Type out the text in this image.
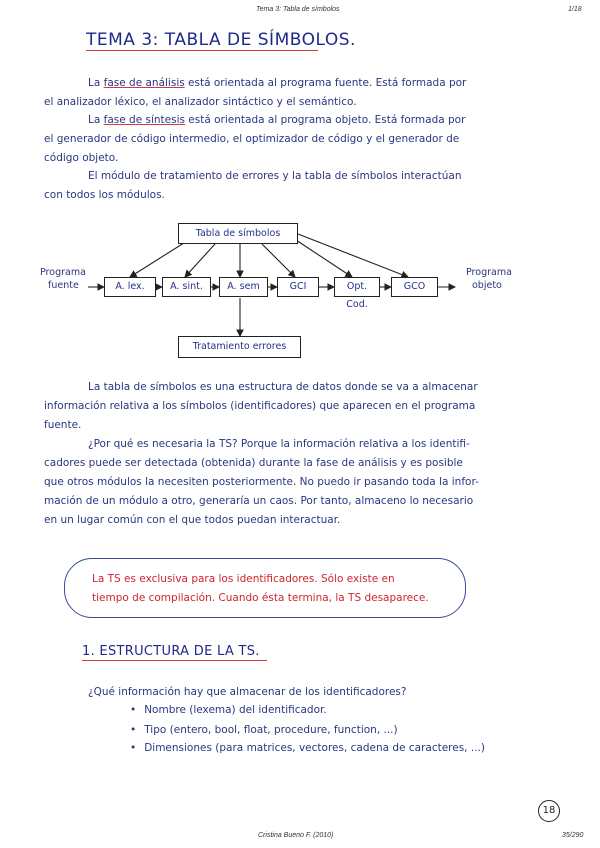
Tema 3: Tabla de símbolos	1/18
TEMA 3: TABLA DE SÍMBOLOS.
La fase de análisis está orientada al programa fuente. Está formada por
el analizador léxico, el analizador sintáctico y el semántico.
La fase de síntesis está orientada al programa objeto. Está formada por
el generador de código intermedio, el optimizador de código y el generador de
código objeto.
El módulo de tratamiento de errores y la tabla de símbolos interactúan
con todos los módulos.
Tabla de símbolos
A. lex.	A. sint.	A. sem	GCI	Opt. Cod.
GCO
Programa
fuente
Programa
objeto
Tratamiento errores
La tabla de símbolos es una estructura de datos donde se va a almacenar
información relativa a los símbolos (identificadores) que aparecen en el programa
fuente.
¿Por qué es necesaria la TS? Porque la información relativa a los identifi-
cadores puede ser detectada (obtenida) durante la fase de análisis y es posible
que otros módulos la necesiten posteriormente. No puedo ir pasando toda la infor-
mación de un módulo a otro, generaría un caos. Por tanto, almaceno lo necesario
en un lugar común con el que todos puedan interactuar.
La TS es exclusiva para los identificadores. Sólo existe en
tiempo de compilación. Cuando ésta termina, la TS desaparece.
1. ESTRUCTURA DE LA TS.
¿Qué información hay que almacenar de los identificadores?
• Nombre (lexema) del identificador.
• Tipo (entero, bool, float, procedure, function, ...)
• Dimensiones (para matrices, vectores, cadena de caracteres, ...)
18
Cristina Bueno F. (2010)	35/290
